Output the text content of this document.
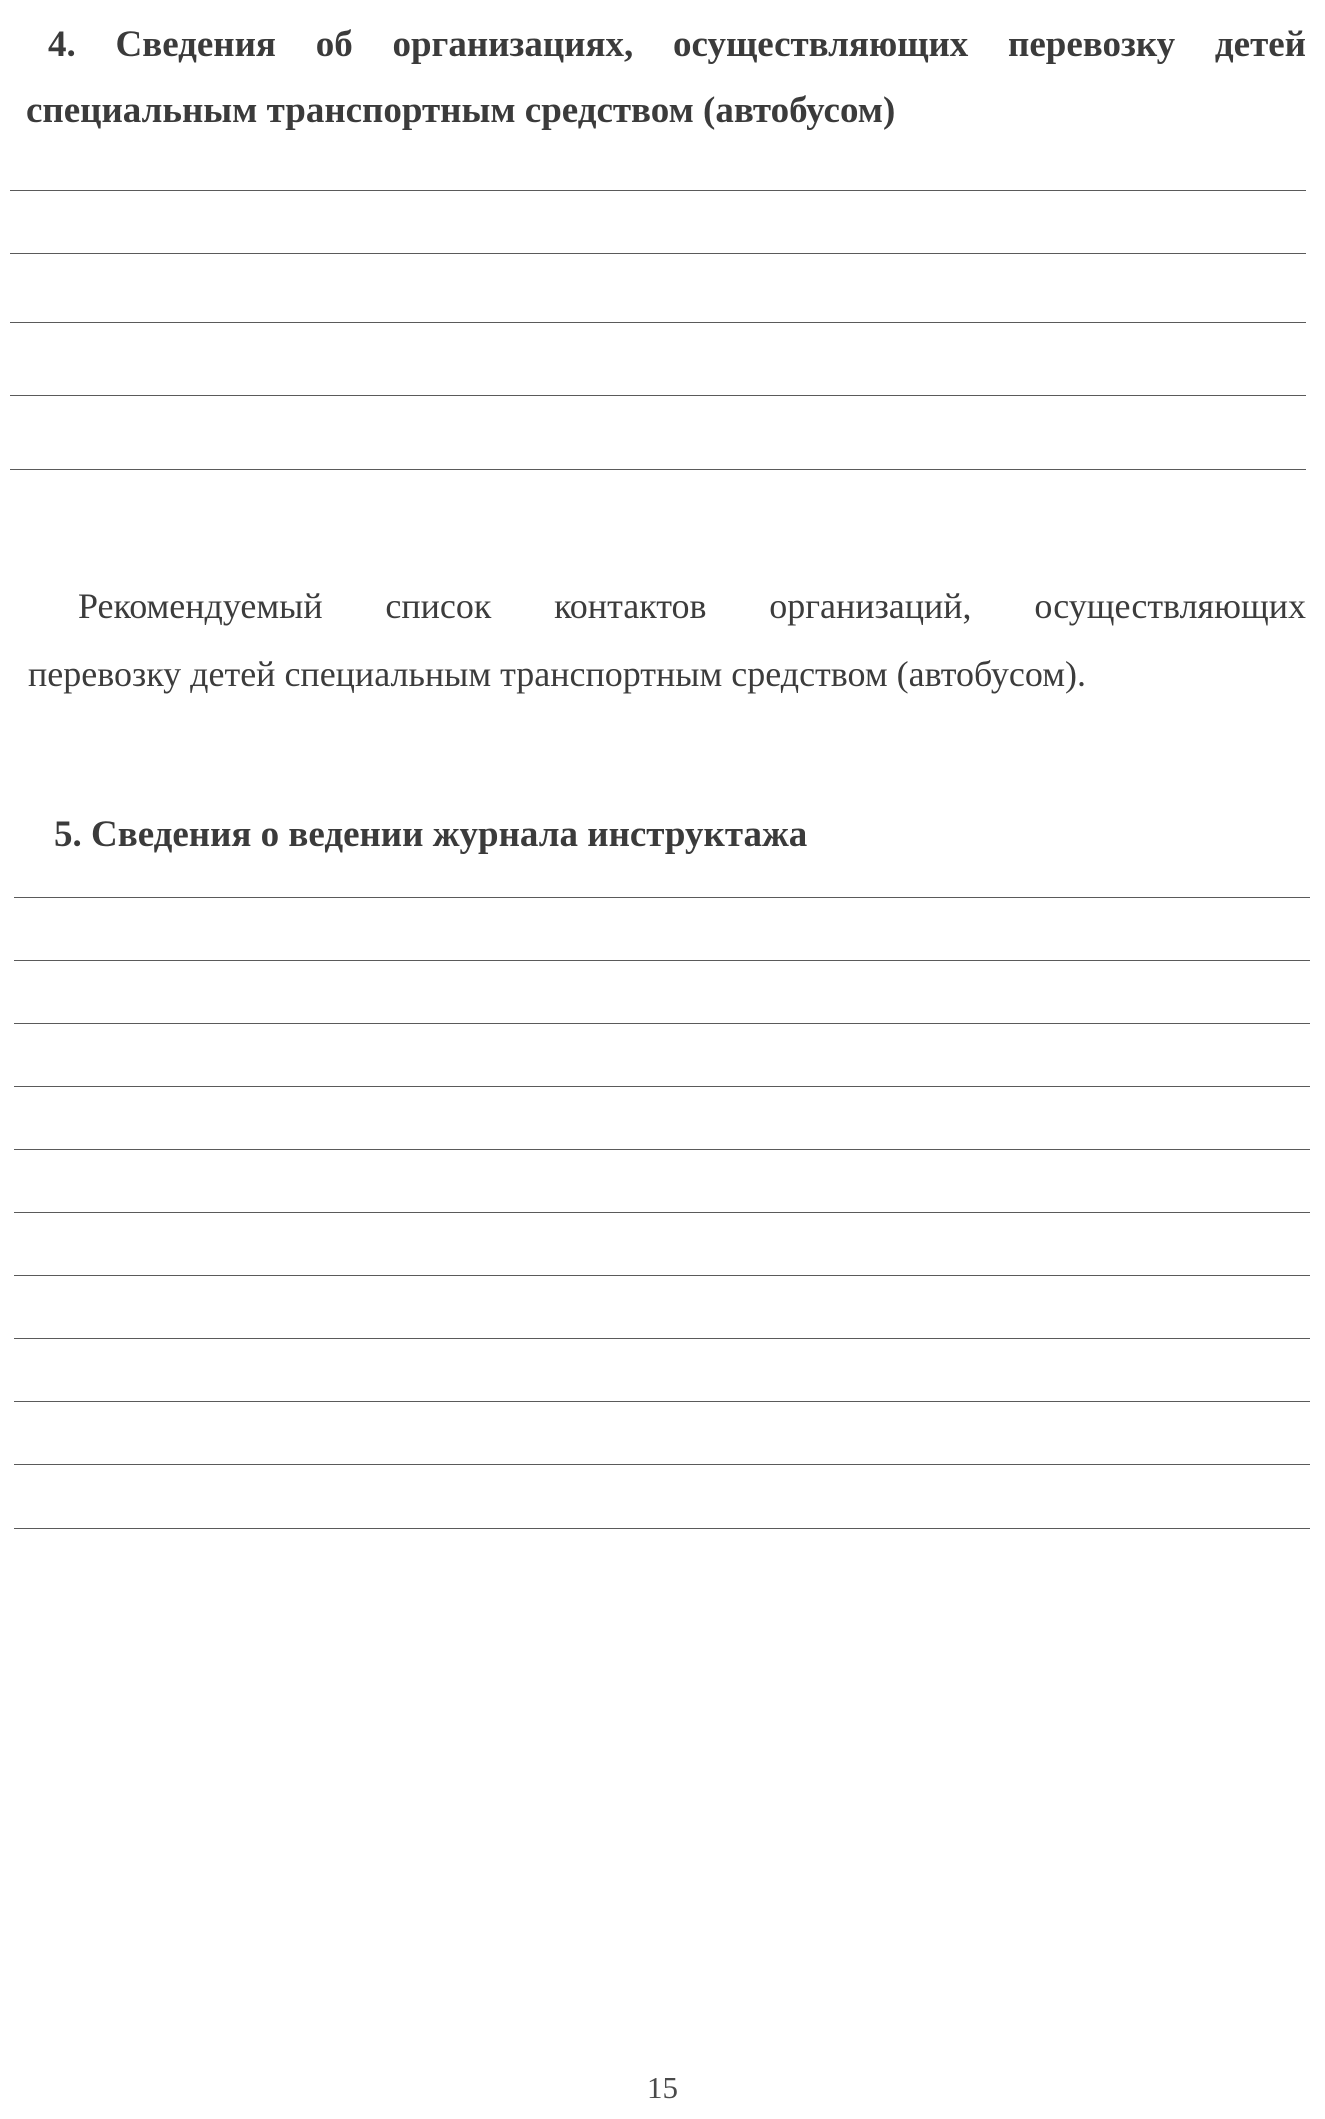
4. Сведения об организациях, осуществляющих перевозку детей
специальным транспортным средством (автобусом)

Рекомендуемый список контактов организаций, осуществляющих
перевозку детей специальным транспортным средством (автобусом).

5. Сведения о ведении журнала инструктажа
15
